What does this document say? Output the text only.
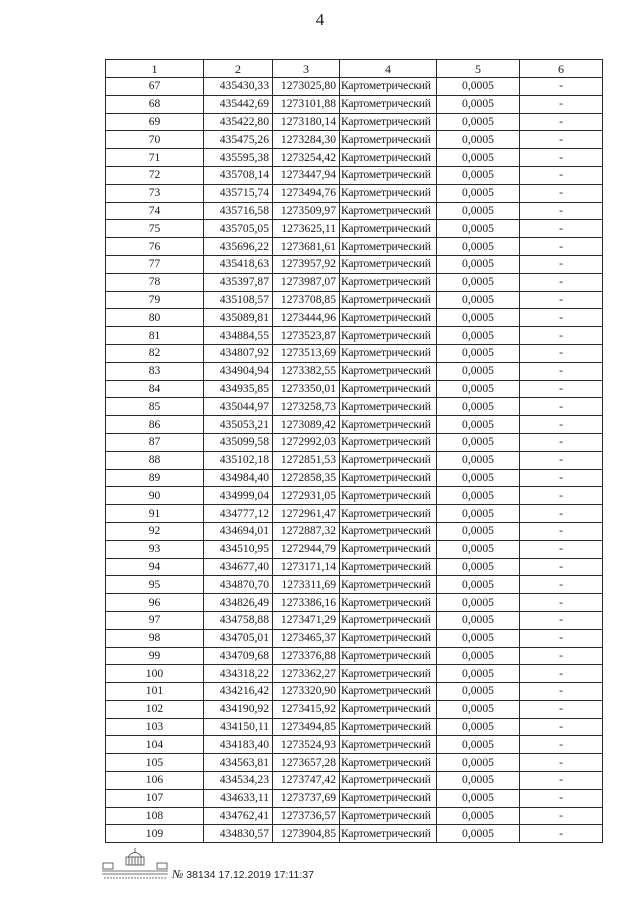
4
1	2	3	4	5	6
67	435430,33	1273025,80	Картометрический	0,0005	-
68	435442,69	1273101,88	Картометрический	0,0005	-
69	435422,80	1273180,14	Картометрический	0,0005	-
70	435475,26	1273284,30	Картометрический	0,0005	-
71	435595,38	1273254,42	Картометрический	0,0005	-
72	435708,14	1273447,94	Картометрический	0,0005	-
73	435715,74	1273494,76	Картометрический	0,0005	-
74	435716,58	1273509,97	Картометрический	0,0005	-
75	435705,05	1273625,11	Картометрический	0,0005	-
76	435696,22	1273681,61	Картометрический	0,0005	-
77	435418,63	1273957,92	Картометрический	0,0005	-
78	435397,87	1273987,07	Картометрический	0,0005	-
79	435108,57	1273708,85	Картометрический	0,0005	-
80	435089,81	1273444,96	Картометрический	0,0005	-
81	434884,55	1273523,87	Картометрический	0,0005	-
82	434807,92	1273513,69	Картометрический	0,0005	-
83	434904,94	1273382,55	Картометрический	0,0005	-
84	434935,85	1273350,01	Картометрический	0,0005	-
85	435044,97	1273258,73	Картометрический	0,0005	-
86	435053,21	1273089,42	Картометрический	0,0005	-
87	435099,58	1272992,03	Картометрический	0,0005	-
88	435102,18	1272851,53	Картометрический	0,0005	-
89	434984,40	1272858,35	Картометрический	0,0005	-
90	434999,04	1272931,05	Картометрический	0,0005	-
91	434777,12	1272961,47	Картометрический	0,0005	-
92	434694,01	1272887,32	Картометрический	0,0005	-
93	434510,95	1272944,79	Картометрический	0,0005	-
94	434677,40	1273171,14	Картометрический	0,0005	-
95	434870,70	1273311,69	Картометрический	0,0005	-
96	434826,49	1273386,16	Картометрический	0,0005	-
97	434758,88	1273471,29	Картометрический	0,0005	-
98	434705,01	1273465,37	Картометрический	0,0005	-
99	434709,68	1273376,88	Картометрический	0,0005	-
100	434318,22	1273362,27	Картометрический	0,0005	-
101	434216,42	1273320,90	Картометрический	0,0005	-
102	434190,92	1273415,92	Картометрический	0,0005	-
103	434150,11	1273494,85	Картометрический	0,0005	-
104	434183,40	1273524,93	Картометрический	0,0005	-
105	434563,81	1273657,28	Картометрический	0,0005	-
106	434534,23	1273747,42	Картометрический	0,0005	-
107	434633,11	1273737,69	Картометрический	0,0005	-
108	434762,41	1273736,57	Картометрический	0,0005	-
109	434830,57	1273904,85	Картометрический	0,0005	-
№ 38134 17.12.2019 17:11:37
